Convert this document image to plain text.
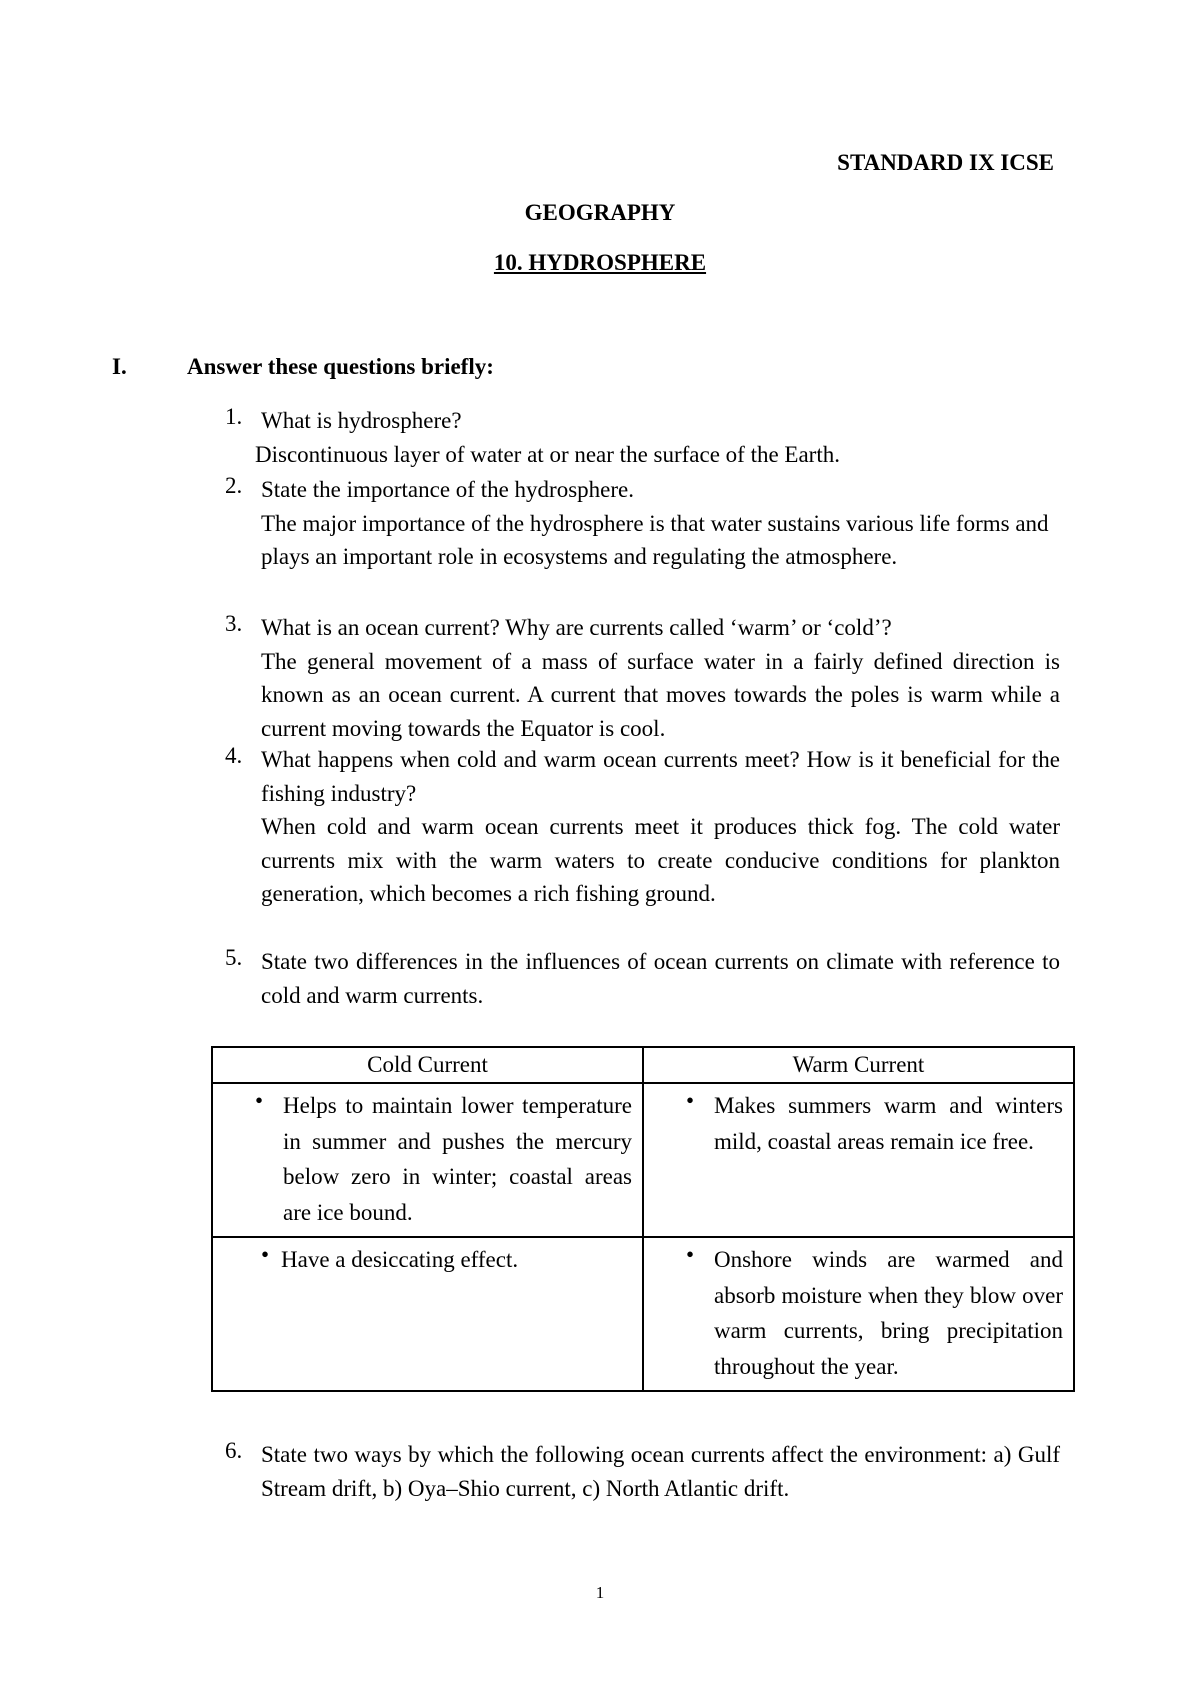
STANDARD IX ICSE
GEOGRAPHY
10. HYDROSPHERE
I.	Answer these questions briefly:
1. What is hydrosphere?
Discontinuous layer of water at or near the surface of the Earth.
2. State the importance of the hydrosphere.
The major importance of the hydrosphere is that water sustains various life forms and plays an important role in ecosystems and regulating the atmosphere.
3. What is an ocean current? Why are currents called ‘warm’ or ‘cold’?
The general movement of a mass of surface water in a fairly defined direction is known as an ocean current. A current that moves towards the poles is warm while a current moving towards the Equator is cool.
4. What happens when cold and warm ocean currents meet? How is it beneficial for the fishing industry?
When cold and warm ocean currents meet it produces thick fog. The cold water currents mix with the warm waters to create conducive conditions for plankton generation, which becomes a rich fishing ground.
5. State two differences in the influences of ocean currents on climate with reference to cold and warm currents.
Cold Current	Warm Current

• Helps to maintain lower temperature in summer and pushes the mercury below zero in winter; coastal areas are ice bound.	• Makes summers warm and winters mild, coastal areas remain ice free.

• Have a desiccating effect.	• Onshore winds are warmed and absorb moisture when they blow over warm currents, bring precipitation throughout the year.
6. State two ways by which the following ocean currents affect the environment: a) Gulf Stream drift, b) Oya–Shio current, c) North Atlantic drift.
1
